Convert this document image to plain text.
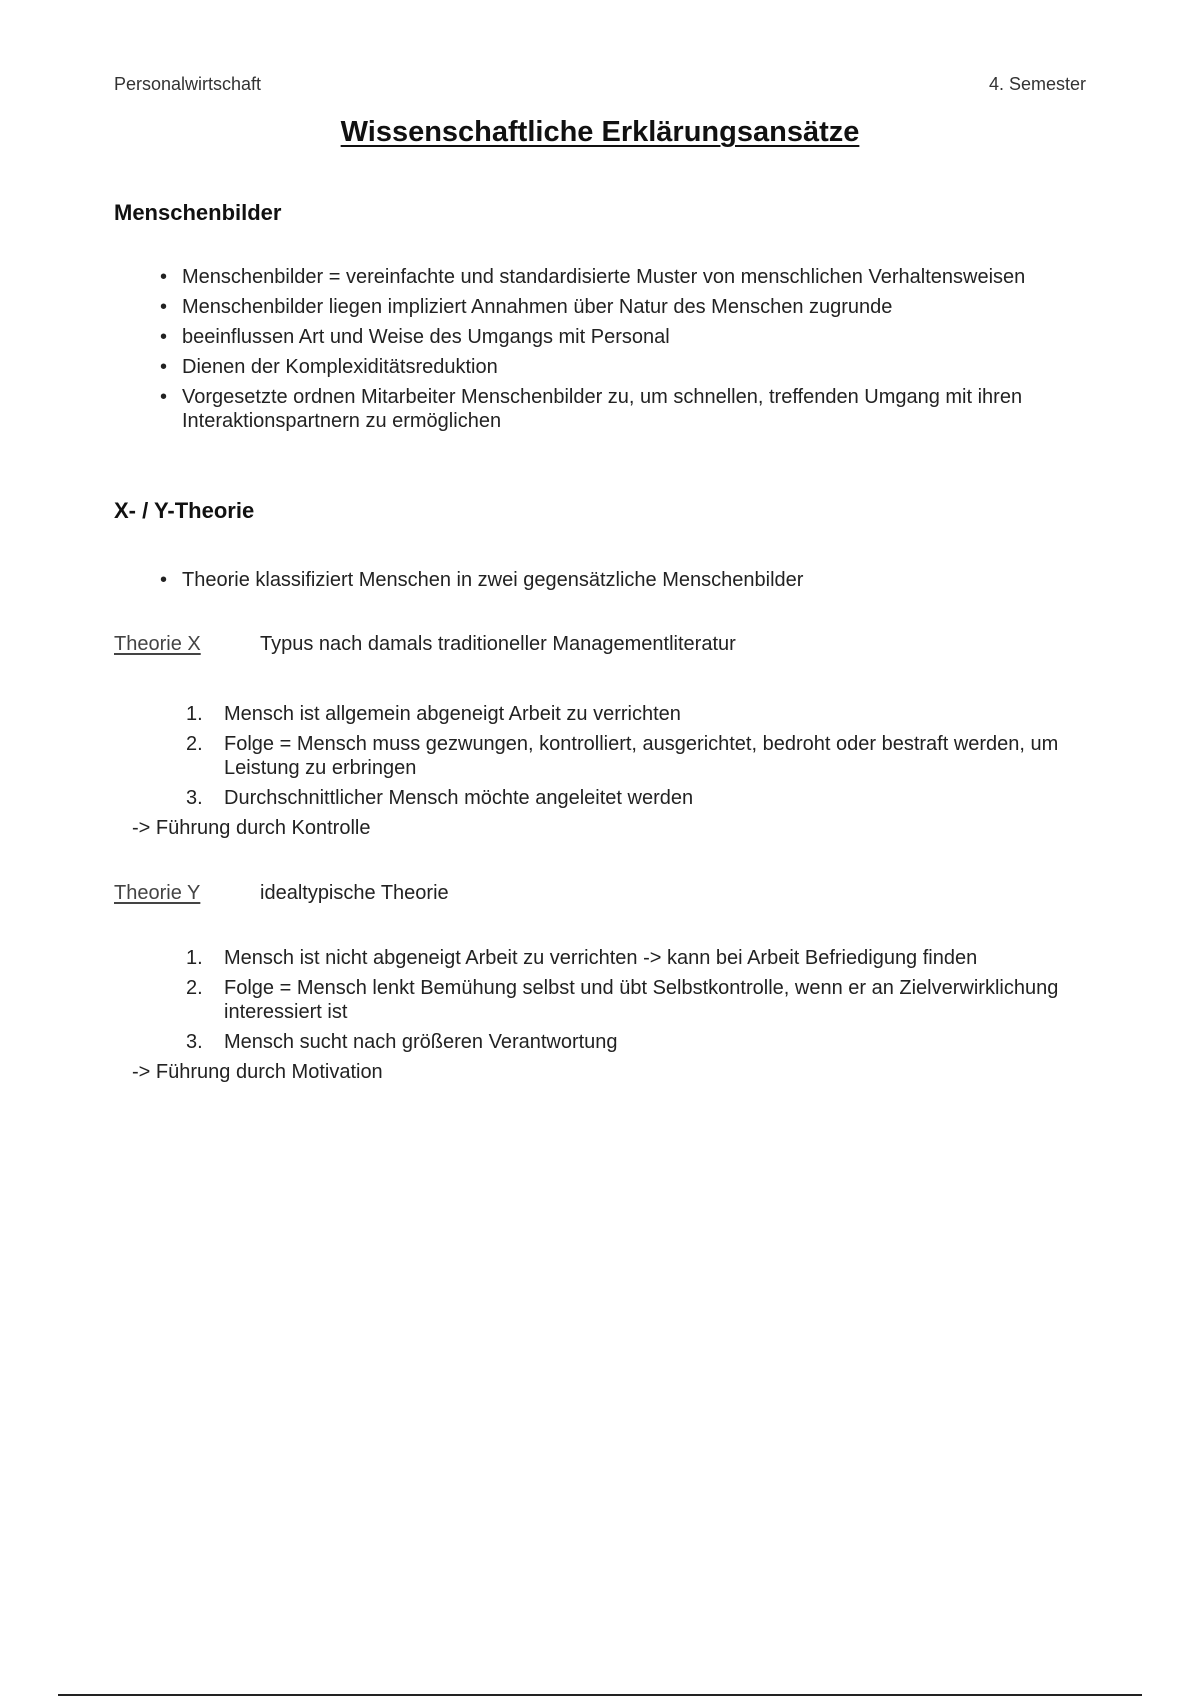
Personalwirtschaft	4. Semester
Wissenschaftliche Erklärungsansätze
Menschenbilder
• Menschenbilder = vereinfachte und standardisierte Muster von menschlichen Verhaltensweisen
• Menschenbilder liegen impliziert Annahmen über Natur des Menschen zugrunde
• beeinflussen Art und Weise des Umgangs mit Personal
• Dienen der Komplexiditätsreduktion
• Vorgesetzte ordnen Mitarbeiter Menschenbilder zu, um schnellen, treffenden Umgang mit ihren Interaktionspartnern zu ermöglichen
X- / Y-Theorie
• Theorie klassifiziert Menschen in zwei gegensätzliche Menschenbilder
Theorie X	Typus nach damals traditioneller Managementliteratur
1. Mensch ist allgemein abgeneigt Arbeit zu verrichten
2. Folge = Mensch muss gezwungen, kontrolliert, ausgerichtet, bedroht oder bestraft werden, um Leistung zu erbringen
3. Durchschnittlicher Mensch möchte angeleitet werden
-> Führung durch Kontrolle
Theorie Y	idealtypische Theorie
1. Mensch ist nicht abgeneigt Arbeit zu verrichten -> kann bei Arbeit Befriedigung finden
2. Folge = Mensch lenkt Bemühung selbst und übt Selbstkontrolle, wenn er an Zielverwirklichung interessiert ist
3. Mensch sucht nach größeren Verantwortung
-> Führung durch Motivation
